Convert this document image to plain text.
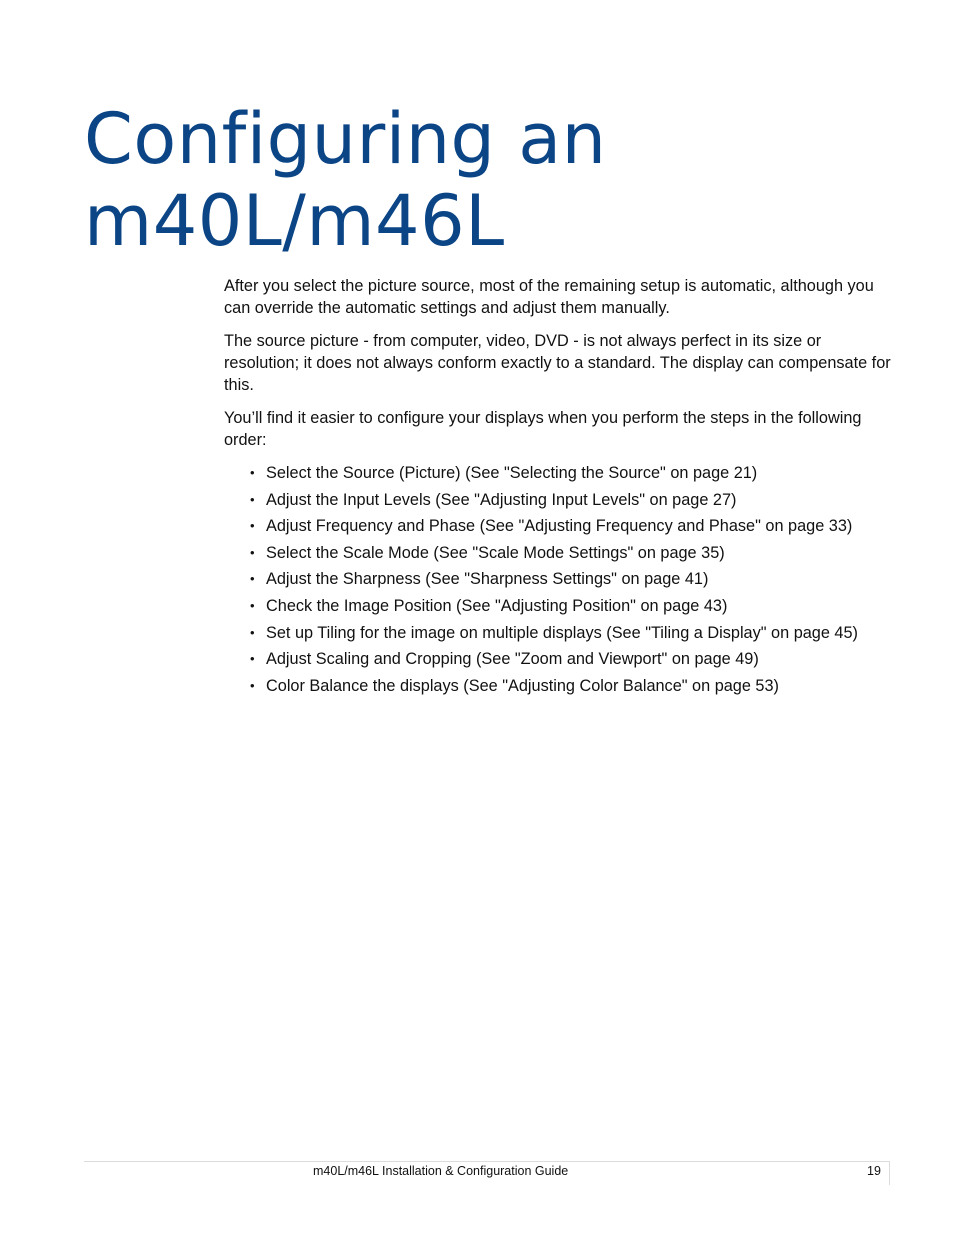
Configuring an
m40L/m46L

After you select the picture source, most of the remaining setup is automatic, although you can override the automatic settings and adjust them manually.

The source picture - from computer, video, DVD - is not always perfect in its size or resolution; it does not always conform exactly to a standard. The display can compensate for this.

You’ll find it easier to configure your displays when you perform the steps in the following order:

• Select the Source (Picture) (See "Selecting the Source" on page 21)
• Adjust the Input Levels (See "Adjusting Input Levels" on page 27)
• Adjust Frequency and Phase (See "Adjusting Frequency and Phase" on page 33)
• Select the Scale Mode (See "Scale Mode Settings" on page 35)
• Adjust the Sharpness (See "Sharpness Settings" on page 41)
• Check the Image Position (See "Adjusting Position" on page 43)
• Set up Tiling for the image on multiple displays (See "Tiling a Display" on page 45)
• Adjust Scaling and Cropping (See "Zoom and Viewport" on page 49)
• Color Balance the displays (See "Adjusting Color Balance" on page 53)
m40L/m46L Installation & Configuration Guide	19
